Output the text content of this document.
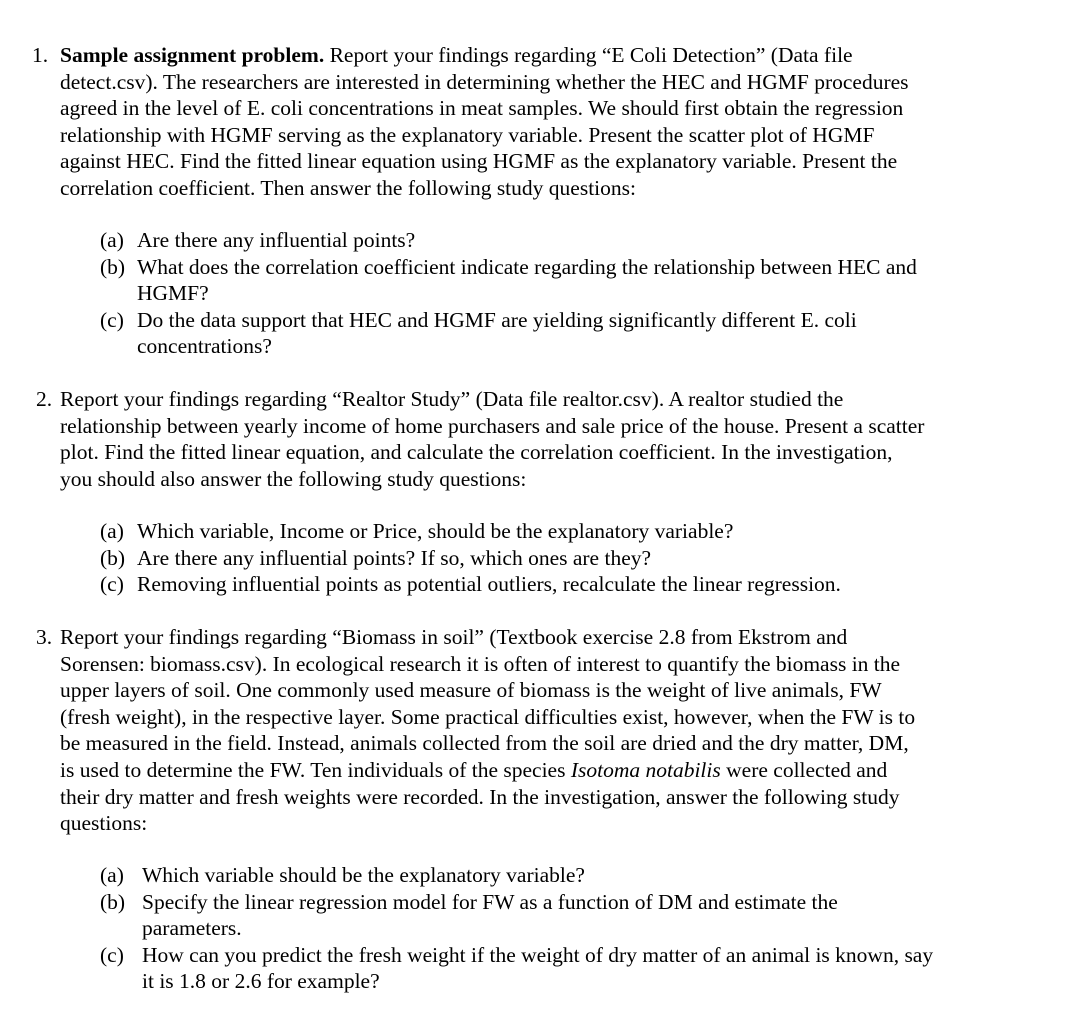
1. Sample assignment problem. Report your findings regarding “E Coli Detection” (Data file
detect.csv). The researchers are interested in determining whether the HEC and HGMF procedures
agreed in the level of E. coli concentrations in meat samples. We should first obtain the regression
relationship with HGMF serving as the explanatory variable. Present the scatter plot of HGMF
against HEC. Find the fitted linear equation using HGMF as the explanatory variable. Present the
correlation coefficient. Then answer the following study questions:
(a) Are there any influential points?
(b) What does the correlation coefficient indicate regarding the relationship between HEC and
HGMF?
(c) Do the data support that HEC and HGMF are yielding significantly different E. coli
concentrations?
2. Report your findings regarding “Realtor Study” (Data file realtor.csv). A realtor studied the
relationship between yearly income of home purchasers and sale price of the house. Present a scatter
plot. Find the fitted linear equation, and calculate the correlation coefficient. In the investigation,
you should also answer the following study questions:
(a) Which variable, Income or Price, should be the explanatory variable?
(b) Are there any influential points? If so, which ones are they?
(c) Removing influential points as potential outliers, recalculate the linear regression.
3. Report your findings regarding “Biomass in soil” (Textbook exercise 2.8 from Ekstrom and
Sorensen: biomass.csv). In ecological research it is often of interest to quantify the biomass in the
upper layers of soil. One commonly used measure of biomass is the weight of live animals, FW
(fresh weight), in the respective layer. Some practical difficulties exist, however, when the FW is to
be measured in the field. Instead, animals collected from the soil are dried and the dry matter, DM,
is used to determine the FW. Ten individuals of the species Isotoma notabilis were collected and
their dry matter and fresh weights were recorded. In the investigation, answer the following study
questions:
(a) Which variable should be the explanatory variable?
(b) Specify the linear regression model for FW as a function of DM and estimate the
parameters.
(c) How can you predict the fresh weight if the weight of dry matter of an animal is known, say
it is 1.8 or 2.6 for example?
